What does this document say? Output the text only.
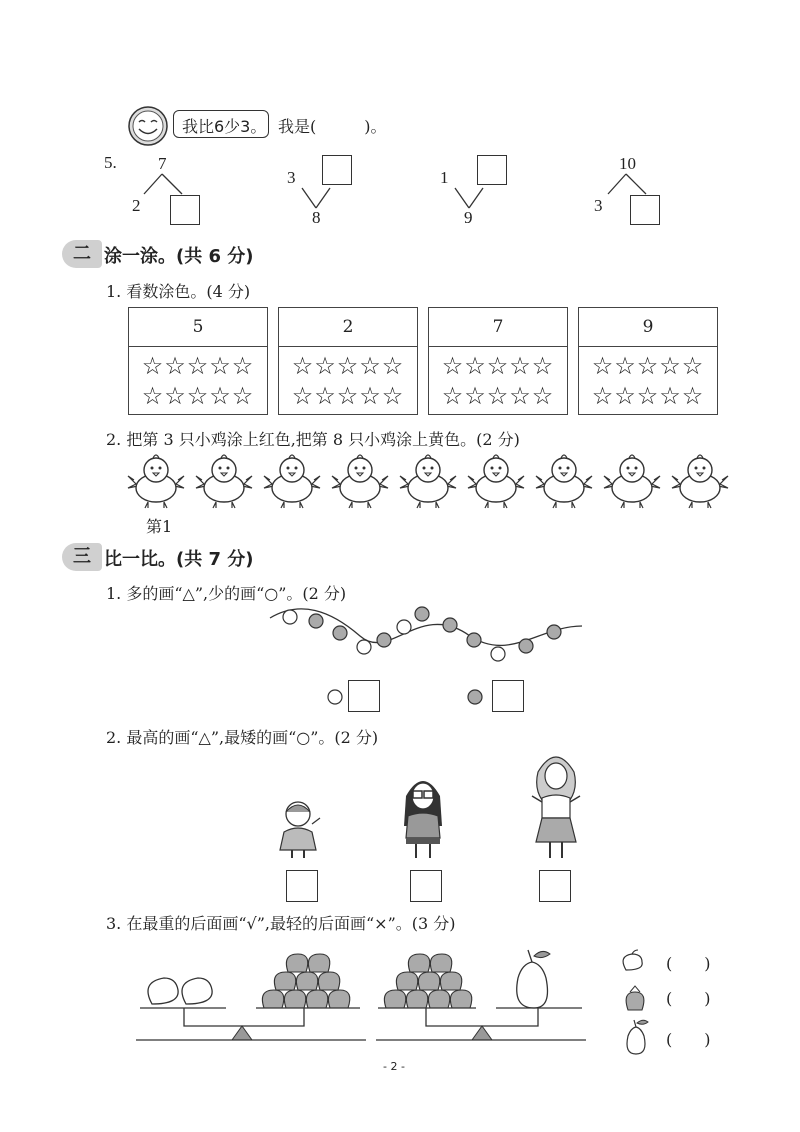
我比6少3。 我是(　　　)。
5. 7
2
3
8
1
9
10
3
二 涂一涂。(共 6 分)
1. 看数涂色。(4 分)
5
☆☆☆☆☆
☆☆☆☆☆
2
☆☆☆☆☆
☆☆☆☆☆
7
☆☆☆☆☆
☆☆☆☆☆
9
☆☆☆☆☆
☆☆☆☆☆
2. 把第 3 只小鸡涂上红色,把第 8 只小鸡涂上黄色。(2 分)
第1
三 比一比。(共 7 分)
1. 多的画“△”,少的画“○”。(2 分)
2. 最高的画“△”,最矮的画“○”。(2 分)
3. 在最重的后面画“√”,最轻的后面画“×”。(3 分)
(　　)
(　　)
(　　)
- 2 -
